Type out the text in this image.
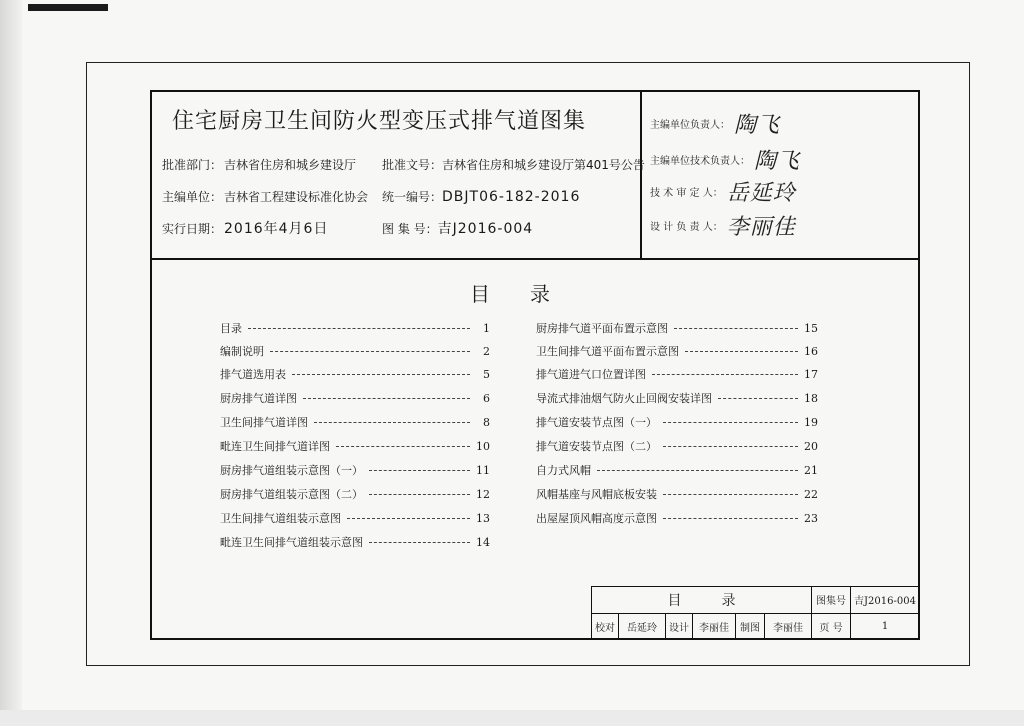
住宅厨房卫生间防火型变压式排气道图集
批准部门： 吉林省住房和城乡建设厅 批准文号：吉林省住房和城乡建设厅第401号公告
主编单位： 吉林省工程建设标准化协会 统一编号：DBJT06-182-2016
实行日期： 2016年4月6日	图 集 号：吉J2016-004
主编单位负责人： 陶飞
主编单位技术负责人： 陶飞
技 术 审 定 人： 岳延玲
设 计 负 责 人： 李丽佳
目录
目录	1
编制说明	2
排气道选用表	5
厨房排气道详图	6
卫生间排气道详图	8
毗连卫生间排气道详图	10
厨房排气道组装示意图（一）	11
厨房排气道组装示意图（二）	12
卫生间排气道组装示意图	13
毗连卫生间排气道组装示意图	14
厨房排气道平面布置示意图	15
卫生间排气道平面布置示意图	16
排气道进气口位置详图	17
导流式排油烟气防火止回阀安装详图	18
排气道安装节点图（一）	19
排气道安装节点图（二）	20
自力式风帽	21
风帽基座与风帽底板安装	22
出屋屋顶风帽高度示意图	23
目录						图集号	吉J2016-004
校对	岳延玲	设计	李丽佳	制图	李丽佳	页 号	1
